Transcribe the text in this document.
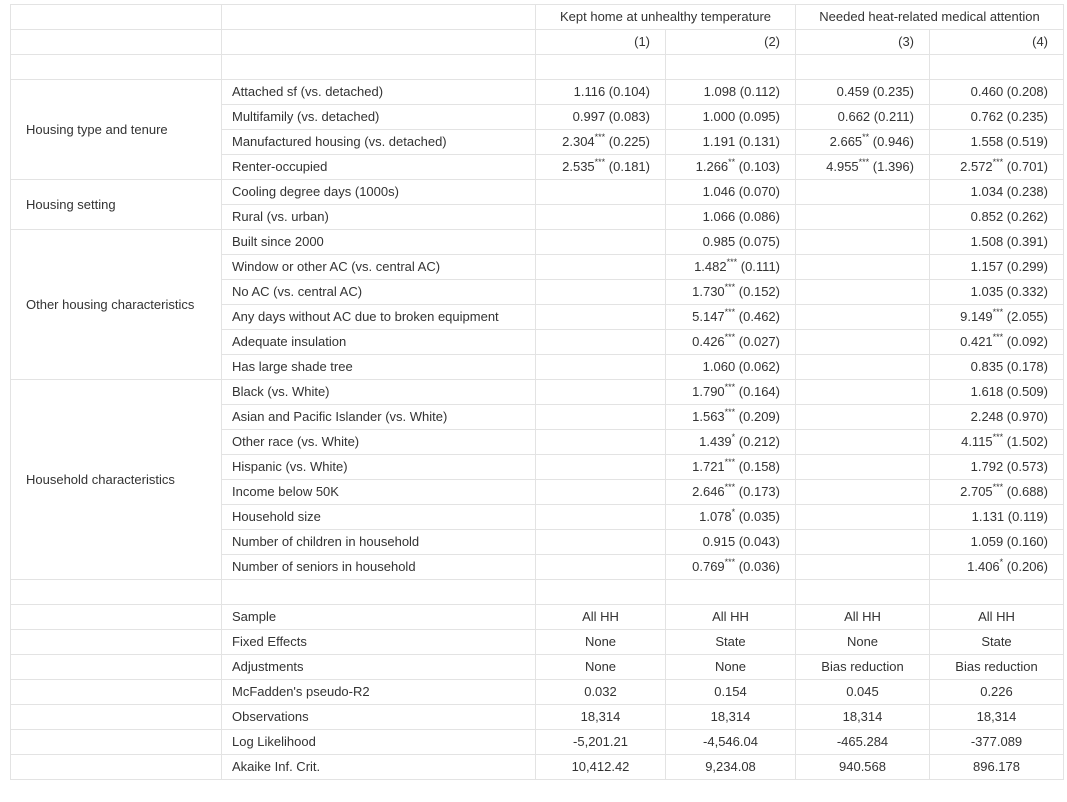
		Kept home at unhealthy temperature		Needed heat-related medical attention	
		(1)	(2)	(3)	(4)

Housing type and tenure	Attached sf (vs. detached)	1.116 (0.104)	1.098 (0.112)	0.459 (0.235)	0.460 (0.208)
	Multifamily (vs. detached)	0.997 (0.083)	1.000 (0.095)	0.662 (0.211)	0.762 (0.235)
	Manufactured housing (vs. detached)	2.304*** (0.225)	1.191 (0.131)	2.665** (0.946)	1.558 (0.519)
	Renter-occupied	2.535*** (0.181)	1.266** (0.103)	4.955*** (1.396)	2.572*** (0.701)
Housing setting	Cooling degree days (1000s)		1.046 (0.070)		1.034 (0.238)
	Rural (vs. urban)		1.066 (0.086)		0.852 (0.262)
Other housing characteristics	Built since 2000		0.985 (0.075)		1.508 (0.391)
	Window or other AC (vs. central AC)		1.482*** (0.111)		1.157 (0.299)
	No AC (vs. central AC)		1.730*** (0.152)		1.035 (0.332)
	Any days without AC due to broken equipment		5.147*** (0.462)		9.149*** (2.055)
	Adequate insulation		0.426*** (0.027)		0.421*** (0.092)
	Has large shade tree		1.060 (0.062)		0.835 (0.178)
Household characteristics	Black (vs. White)		1.790*** (0.164)		1.618 (0.509)
	Asian and Pacific Islander (vs. White)		1.563*** (0.209)		2.248 (0.970)
	Other race (vs. White)		1.439* (0.212)		4.115*** (1.502)
	Hispanic (vs. White)		1.721*** (0.158)		1.792 (0.573)
	Income below 50K		2.646*** (0.173)		2.705*** (0.688)
	Household size		1.078* (0.035)		1.131 (0.119)
	Number of children in household		0.915 (0.043)		1.059 (0.160)
	Number of seniors in household		0.769*** (0.036)		1.406* (0.206)

	Sample	All HH	All HH	All HH	All HH
	Fixed Effects	None	State	None	State
	Adjustments	None	None	Bias reduction	Bias reduction
	McFadden's pseudo-R2	0.032	0.154	0.045	0.226
	Observations	18,314	18,314	18,314	18,314
	Log Likelihood	-5,201.21	-4,546.04	-465.284	-377.089
	Akaike Inf. Crit.	10,412.42	9,234.08	940.568	896.178
